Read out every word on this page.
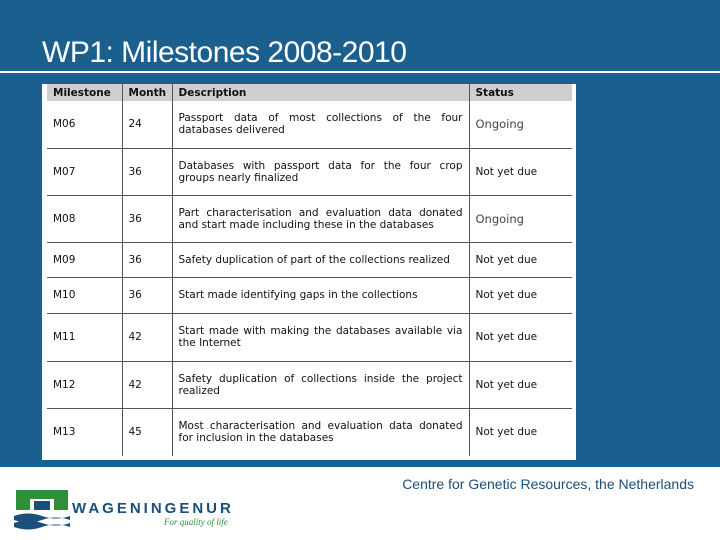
WP1: Milestones 2008-2010
Milestone	Month	Description	Status
M06	24	Passport data of most collections of the four databases delivered	Ongoing
M07	36	Databases with passport data for the four crop groups nearly finalized	Not yet due
M08	36	Part characterisation and evaluation data donated and start made including these in the databases	Ongoing
M09	36	Safety duplication of part of the collections realized	Not yet due
M10	36	Start made identifying gaps in the collections	Not yet due
M11	42	Start made with making the databases available via the Internet	Not yet due
M12	42	Safety duplication of collections inside the project realized	Not yet due
M13	45	Most characterisation and evaluation data donated for inclusion in the databases	Not yet due
Centre for Genetic Resources, the Netherlands
WAGENINGENUR
For quality of life
